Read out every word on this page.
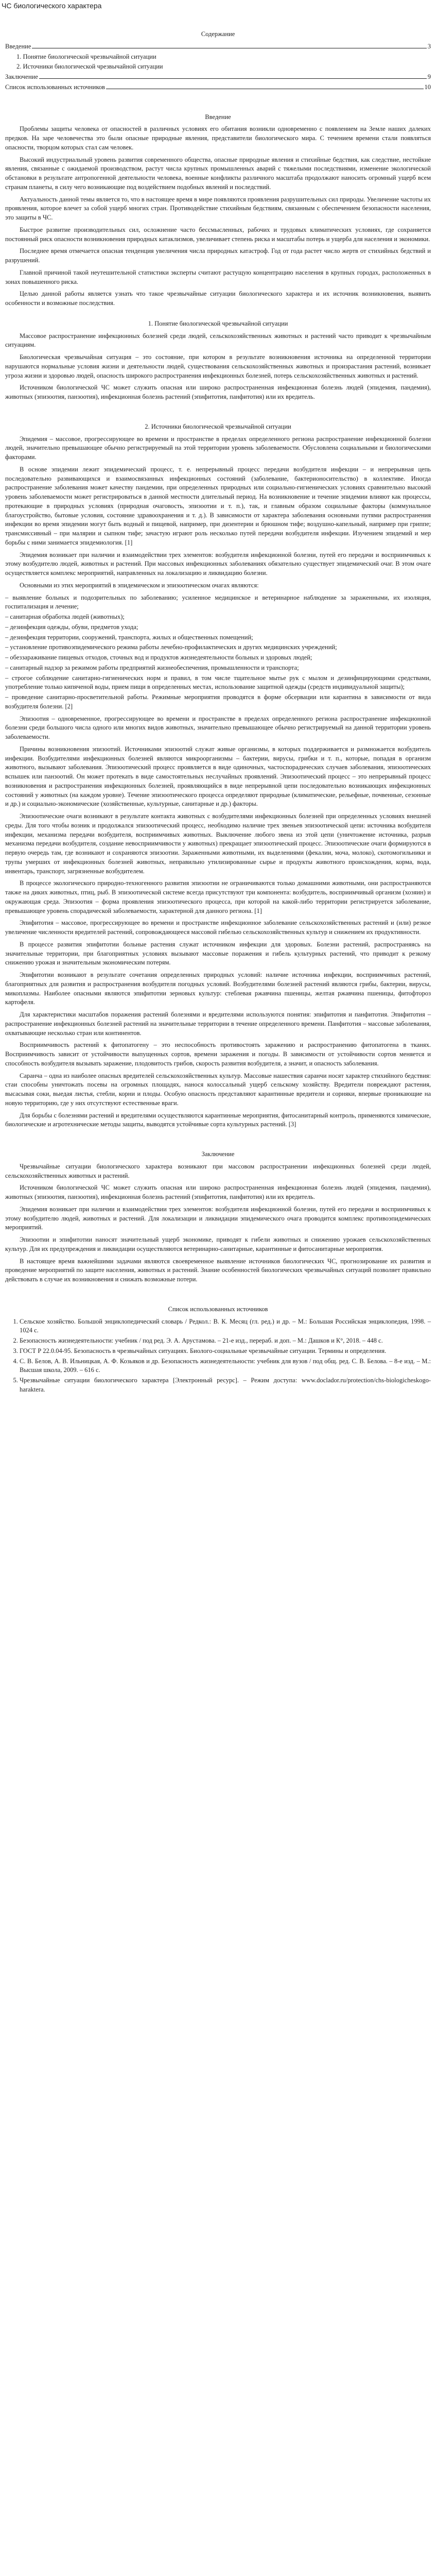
ЧС биологического характера
Содержание
Введение	3
1. Понятие биологической чрезвычайной ситуации
2. Источники биологической чрезвычайной ситуации
Заключение	9
Список использованных источников	10
Введение

Проблемы защиты человека от опасностей в различных условиях его обитания возникли одновременно с появлением на Земле наших далеких предков. На заре человечества это были опасные природные явления, представители биологического мира. С течением времени стали появляться опасности, творцом которых стал сам человек.

Высокий индустриальный уровень развития современного общества, опасные природные явления и стихийные бедствия, как следствие, нестойкие явления, связанные с ожидаемой производством, растут числа крупных промышленных аварий с тяжелыми последствиями, изменение экологической обстановки в результате антропогенной деятельности человека, военные конфликты различного масштаба продолжают наносить огромный ущерб всем странам планеты, в силу чего возникающие под воздействием подобных явлений и последствий.

Актуальность данной темы является то, что в настоящее время в мире появляются проявления разрушительных сил природы. Увеличение частоты их проявления, которое влечет за собой ущерб многих стран. Противодействие стихийным бедствиям, связанным с обеспечением безопасности населения, это защиты в ЧС.

Быстрое развитие производительных сил, осложнение часто бессмысленных, рабочих и трудовых климатических условиях, где сохраняется постоянный риск опасности возникновения природных катаклизмов, увеличивает степень риска и масштабы потерь и ущерба для населения и экономики.

Последнее время отмечается опасная тенденция увеличения числа природных катастроф. Год от года растет число жертв от стихийных бедствий и разрушений.

Главной причиной такой неутешительной статистики эксперты считают растущую концентрацию населения в крупных городах, расположенных в зонах повышенного риска.

Целью данной работы является узнать что такое чрезвычайные ситуации биологического характера и их источник возникновения, выявить особенности и возможные последствия.

1. Понятие биологической чрезвычайной ситуации

Массовое распространение инфекционных болезней среди людей, сельскохозяйственных животных и растений часто приводит к чрезвычайным ситуациям.

Биологическая чрезвычайная ситуация – это состояние, при котором в результате возникновения источника на определенной территории нарушаются нормальные условия жизни и деятельности людей, существования сельскохозяйственных животных и произрастания растений, возникает угроза жизни и здоровью людей, опасность широкого распространения инфекционных болезней, потерь сельскохозяйственных животных и растений.

Источником биологической ЧС может служить опасная или широко распространенная инфекционная болезнь людей (эпидемия, пандемия), животных (эпизоотия, панзоотия), инфекционная болезнь растений (эпифитотия, панфитотия) или их вредитель.

2. Источники биологической чрезвычайной ситуации

Эпидемия – массовое, прогрессирующее во времени и пространстве в пределах определенного региона распространение инфекционной болезни людей, значительно превышающее обычно регистрируемый на этой территории уровень заболеваемости. Обусловлена социальными и биологическими факторами.

В основе эпидемии лежит эпидемический процесс, т. е. непрерывный процесс передачи возбудителя инфекции – и непрерывная цепь последовательно развивающихся и взаимосвязанных инфекционных состояний (заболевание, бактерионосительство) в коллективе. Иногда распространение заболевания может качеству пандемии, при определенных природных или социально-гигиенических условиях сравнительно высокий уровень заболеваемости может регистрироваться в данной местности длительный период. На возникновение и течение эпидемии влияют как процессы, протекающие в природных условиях (природная очаговость, эпизоотии и т. п.), так, и главным образом социальные факторы (коммунальное благоустройство, бытовые условия, состояние здравоохранения и т. д.). В зависимости от характера заболевания основными путями распространения инфекции во время эпидемии могут быть водный и пищевой, например, при дизентерии и брюшном тифе; воздушно-капельный, например при гриппе; трансмиссивный – при малярии и сыпном тифе; зачастую играют роль несколько путей передачи возбудителя инфекции. Изучением эпидемий и мер борьбы с ними занимается эпидемиология. [1]

Эпидемия возникает при наличии и взаимодействии трех элементов: возбудителя инфекционной болезни, путей его передачи и восприимчивых к этому возбудителю людей, животных и растений. При массовых инфекционных заболеваниях обязательно существует эпидемический очаг. В этом очаге осуществляется комплекс мероприятий, направленных на локализацию и ликвидацию болезни.

Основными из этих мероприятий в эпидемическом и эпизоотическом очагах являются:

– выявление больных и подозрительных по заболеванию; усиленное медицинское и ветеринарное наблюдение за зараженными, их изоляция, госпитализация и лечение;
– санитарная обработка людей (животных);
– дезинфекция одежды, обуви, предметов ухода;
– дезинфекция территории, сооружений, транспорта, жилых и общественных помещений;
– установление противоэпидемического режима работы лечебно-профилактических и других медицинских учреждений;
– обеззараживание пищевых отходов, сточных вод и продуктов жизнедеятельности больных и здоровых людей;
– санитарный надзор за режимом работы предприятий жизнеобеспечения, промышленности и транспорта;
– строгое соблюдение санитарно-гигиенических норм и правил, в том числе тщательное мытье рук с мылом и дезинфицирующими средствами, употребление только кипяченой воды, прием пищи в определенных местах, использование защитной одежды (средств индивидуальной защиты);
– проведение санитарно-просветительной работы. Режимные мероприятия проводятся в форме обсервации или карантина в зависимости от вида возбудителя болезни. [2]

Эпизоотия – одновременное, прогрессирующее во времени и пространстве в пределах определенного региона распространение инфекционной болезни среди большого числа одного или многих видов животных, значительно превышающее обычно регистрируемый на данной территории уровень заболеваемости.

Причины возникновения эпизоотий. Источниками эпизоотий служат живые организмы, в которых поддерживается и размножается возбудитель инфекции. Возбудителями инфекционных болезней являются микроорганизмы – бактерии, вирусы, грибки и т. п., которые, попадая в организм животного, вызывают заболевания. Эпизоотический процесс проявляется в виде одиночных, частоспорадических случаев заболевания, эпизоотических вспышек или панзоотий. Он может протекать в виде самостоятельных неслучайных проявлений. Эпизоотический процесс ‒ это непрерывный процесс возникновения и распространения инфекционных болезней, проявляющийся в виде непрерывной цепи последовательно возникающих инфекционных состояний у животных (на каждом уровне). Течение эпизоотического процесса определяют природные (климатические, рельефные, почвенные, сезонные и др.) и социально-экономические (хозяйственные, культурные, санитарные и др.) факторы.

Эпизоотические очаги возникают в результате контакта животных с возбудителями инфекционных болезней при определенных условиях внешней среды. Для того чтобы возник и продолжался эпизоотический процесс, необходимо наличие трех звеньев эпизоотической цепи: источника возбудителя инфекции, механизма передачи возбудителя, восприимчивых животных. Выключение любого звена из этой цепи (уничтожение источника, разрыв механизма передачи возбудителя, создание невосприимчивости у животных) прекращает эпизоотический процесс. Эпизоотические очаги формируются в первую очередь там, где возникают и сохраняются эпизоотии. Зараженными животными, их выделениями (фекалии, моча, молоко), скотомогильники и трупы умерших от инфекционных болезней животных, неправильно утилизированные сырье и продукты животного происхождения, корма, вода, инвентарь, транспорт, загрязненные возбудителем.

В процессе экологического природно-техногенного развития эпизоотии не ограничиваются только домашними животными, они распространяются также на диких животных, птиц, рыб. В эпизоотической системе всегда присутствуют три компонента: возбудитель, восприимчивый организм (хозяин) и окружающая среда. Эпизоотия – форма проявления эпизоотического процесса, при которой на какой-либо территории регистрируется заболевание, превышающее уровень спорадической заболеваемости, характерной для данного региона. [1]

Эпифитотия – массовое, прогрессирующее во времени и пространстве инфекционное заболевание сельскохозяйственных растений и (или) резкое увеличение численности вредителей растений, сопровождающееся массовой гибелью сельскохозяйственных культур и снижением их продуктивности.

В процессе развития эпифитотии больные растения служат источником инфекции для здоровых. Болезни растений, распространяясь на значительные территории, при благоприятных условиях вызывают массовые поражения и гибель культурных растений, что приводит к резкому снижению урожая и значительным экономическим потерям.

Эпифитотии возникают в результате сочетания определенных природных условий: наличие источника инфекции, восприимчивых растений, благоприятных для развития и распространения возбудителя погодных условий. Возбудителями болезней растений являются грибы, бактерии, вирусы, микоплазмы. Наиболее опасными являются эпифитотии зерновых культур: стеблевая ржавчина пшеницы, желтая ржавчина пшеницы, фитофтороз картофеля.

Для характеристики масштабов поражения растений болезнями и вредителями используются понятия: эпифитотия и панфитотия. Эпифитотия – распространение инфекционных болезней растений на значительные территории в течение определенного времени. Панфитотия – массовые заболевания, охватывающие несколько стран или континентов.

Восприимчивость растений к фитопатогену ‒ это неспособность противостоять заражению и распространению фитопатогена в тканях. Восприимчивость зависит от устойчивости выпущенных сортов, времени заражения и погоды. В зависимости от устойчивости сортов меняется и способность возбудителя вызывать заражение, плодовитость грибов, скорость развития возбудителя, а значит, и опасность заболевания.

Саранча – одна из наиболее опасных вредителей сельскохозяйственных культур. Массовые нашествия саранчи носят характер стихийного бедствия: стаи способны уничтожать посевы на огромных площадях, нанося колоссальный ущерб сельскому хозяйству. Вредители повреждают растения, высасывая соки, выедая листья, стебли, корни и плоды. Особую опасность представляют карантинные вредители и сорняки, впервые проникающие на новую территорию, где у них отсутствуют естественные враги.

Для борьбы с болезнями растений и вредителями осуществляются карантинные мероприятия, фитосанитарный контроль, применяются химические, биологические и агротехнические методы защиты, выводятся устойчивые сорта культурных растений. [3]

Заключение

Чрезвычайные ситуации биологического характера возникают при массовом распространении инфекционных болезней среди людей, сельскохозяйственных животных и растений.

Источником биологической ЧС может служить опасная или широко распространенная инфекционная болезнь людей (эпидемия, пандемия), животных (эпизоотия, панзоотия), инфекционная болезнь растений (эпифитотия, панфитотия) или их вредитель.

Эпидемия возникает при наличии и взаимодействии трех элементов: возбудителя инфекционной болезни, путей его передачи и восприимчивых к этому возбудителю людей, животных и растений. Для локализации и ликвидации эпидемического очага проводится комплекс противоэпидемических мероприятий.

Эпизоотии и эпифитотии наносят значительный ущерб экономике, приводят к гибели животных и снижению урожаев сельскохозяйственных культур. Для их предупреждения и ликвидации осуществляются ветеринарно-санитарные, карантинные и фитосанитарные мероприятия.

В настоящее время важнейшими задачами являются своевременное выявление источников биологических ЧС, прогнозирование их развития и проведение мероприятий по защите населения, животных и растений. Знание особенностей биологических чрезвычайных ситуаций позволяет правильно действовать в случае их возникновения и снижать возможные потери.

Список использованных источников
1. Сельское хозяйство. Большой энциклопедический словарь / Редкол.: В. К. Месяц (гл. ред.) и др. – М.: Большая Российская энциклопедия, 1998. – 1024 с.
2. Безопасность жизнедеятельности: учебник / под ред. Э. А. Арустамова. – 21-е изд., перераб. и доп. – М.: Дашков и К°, 2018. – 448 с.
3. ГОСТ Р 22.0.04-95. Безопасность в чрезвычайных ситуациях. Биолого-социальные чрезвычайные ситуации. Термины и определения.
4. С. В. Белов, А. В. Ильницкая, А. Ф. Козьяков и др. Безопасность жизнедеятельности: учебник для вузов / под общ. ред. С. В. Белова. – 8-е изд. – М.: Высшая школа, 2009. – 616 с.
5. Чрезвычайные ситуации биологического характера [Электронный ресурс]. – Режим доступа: www.doclador.ru/protection/chs-biologicheskogo-haraktera.
